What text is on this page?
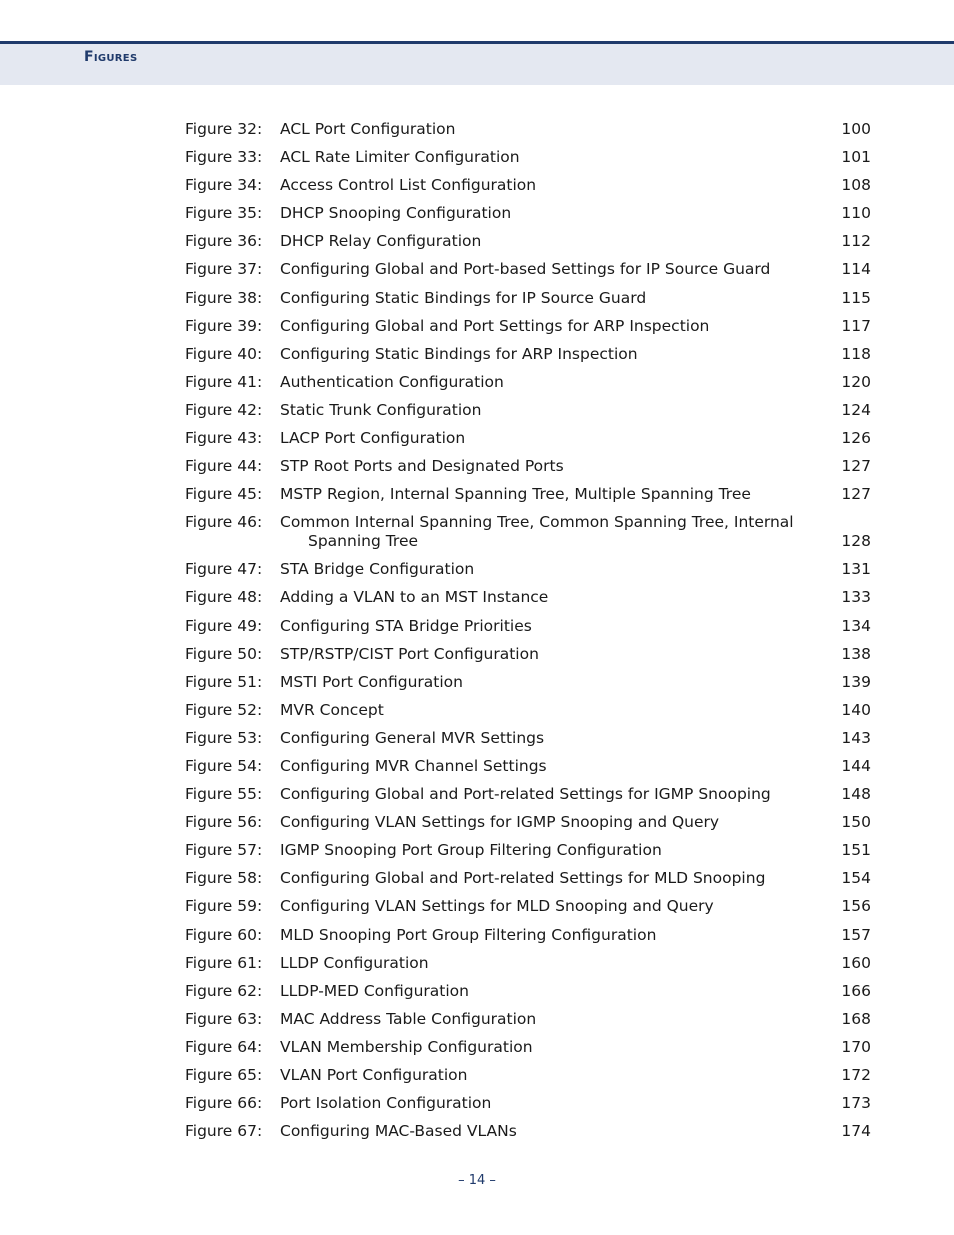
Figures
Figure 32: ACL Port Configuration	100
Figure 33: ACL Rate Limiter Configuration	101
Figure 34: Access Control List Configuration	108
Figure 35: DHCP Snooping Configuration	110
Figure 36: DHCP Relay Configuration	112
Figure 37: Configuring Global and Port-based Settings for IP Source Guard	114
Figure 38: Configuring Static Bindings for IP Source Guard	115
Figure 39: Configuring Global and Port Settings for ARP Inspection	117
Figure 40: Configuring Static Bindings for ARP Inspection	118
Figure 41: Authentication Configuration	120
Figure 42: Static Trunk Configuration	124
Figure 43: LACP Port Configuration	126
Figure 44: STP Root Ports and Designated Ports	127
Figure 45: MSTP Region, Internal Spanning Tree, Multiple Spanning Tree	127
Figure 46: Common Internal Spanning Tree, Common Spanning Tree, Internal
Spanning Tree	128
Figure 47: STA Bridge Configuration	131
Figure 48: Adding a VLAN to an MST Instance	133
Figure 49: Configuring STA Bridge Priorities	134
Figure 50: STP/RSTP/CIST Port Configuration	138
Figure 51: MSTI Port Configuration	139
Figure 52: MVR Concept	140
Figure 53: Configuring General MVR Settings	143
Figure 54: Configuring MVR Channel Settings	144
Figure 55: Configuring Global and Port-related Settings for IGMP Snooping	148
Figure 56: Configuring VLAN Settings for IGMP Snooping and Query	150
Figure 57: IGMP Snooping Port Group Filtering Configuration	151
Figure 58: Configuring Global and Port-related Settings for MLD Snooping	154
Figure 59: Configuring VLAN Settings for MLD Snooping and Query	156
Figure 60: MLD Snooping Port Group Filtering Configuration	157
Figure 61: LLDP Configuration	160
Figure 62: LLDP-MED Configuration	166
Figure 63: MAC Address Table Configuration	168
Figure 64: VLAN Membership Configuration	170
Figure 65: VLAN Port Configuration	172
Figure 66: Port Isolation Configuration	173
Figure 67: Configuring MAC-Based VLANs	174
– 14 –
